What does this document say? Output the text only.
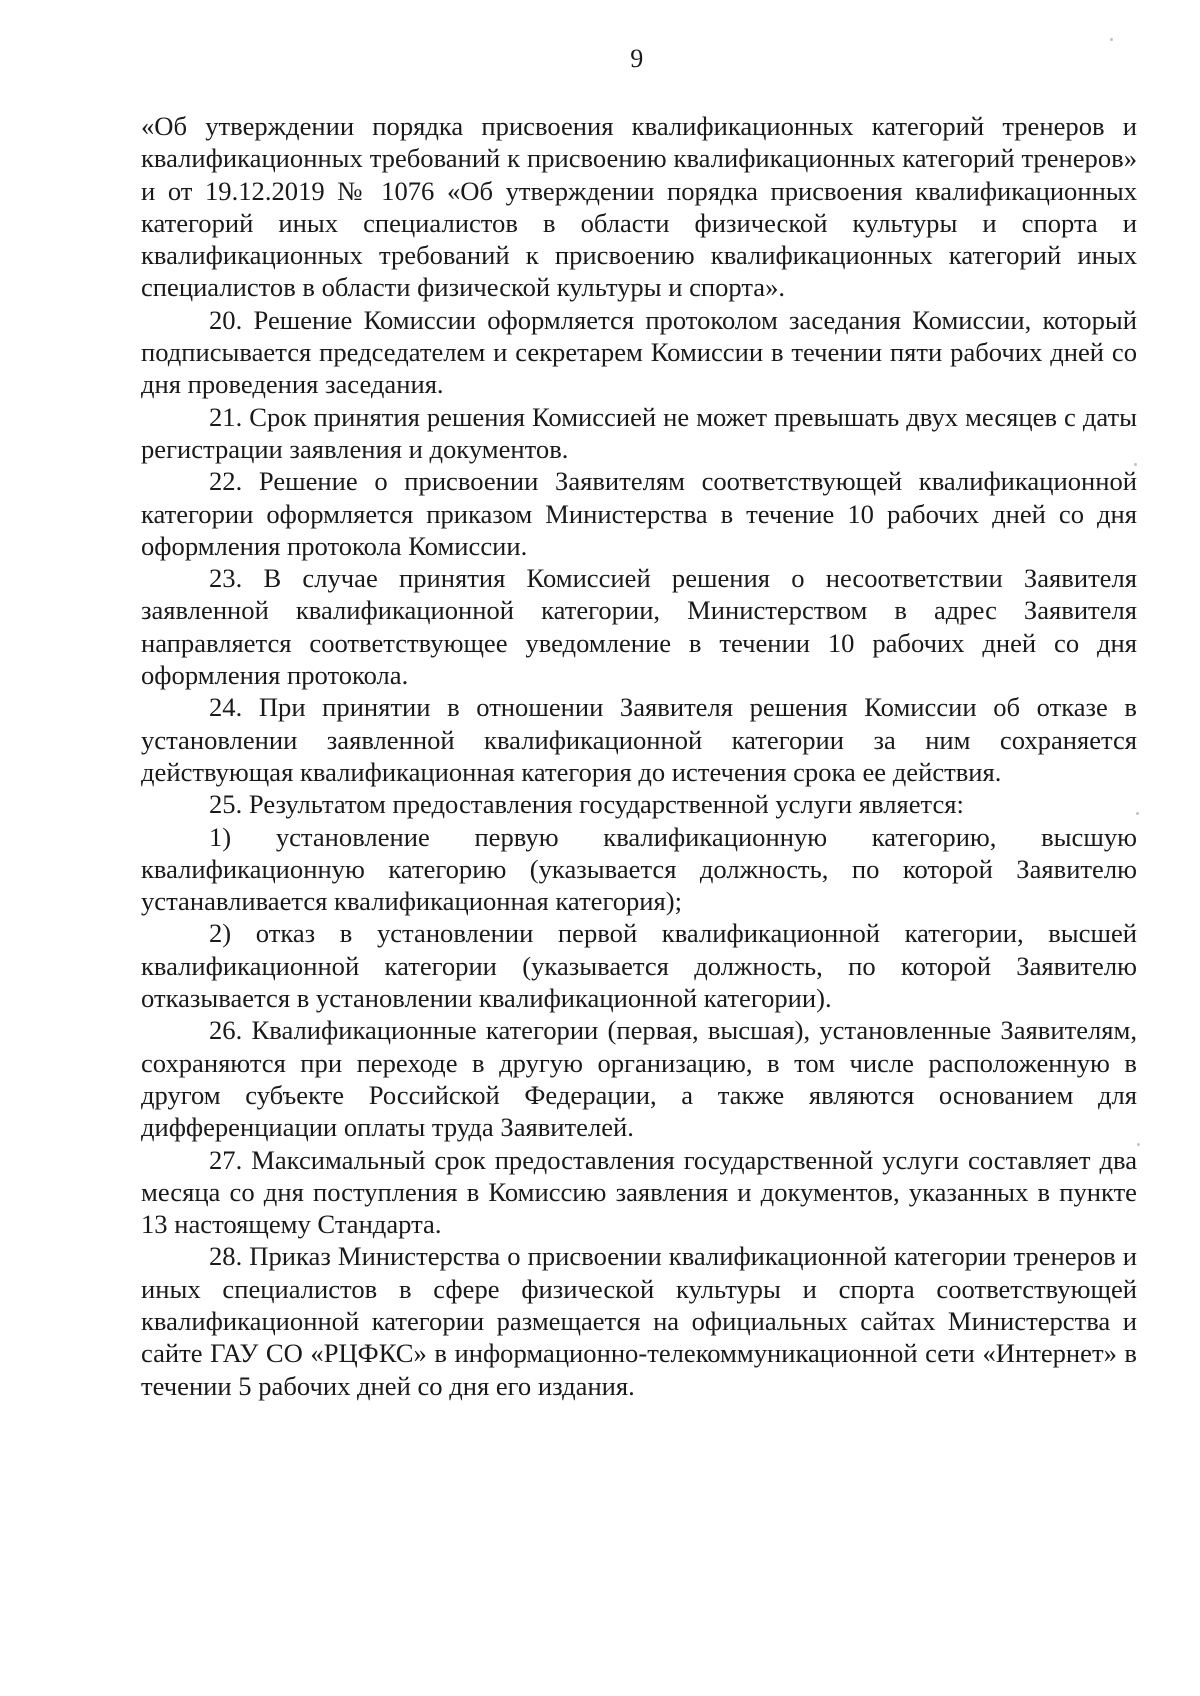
9

«Об утверждении порядка присвоения квалификационных категорий тренеров и квалификационных требований к присвоению квалификационных категорий тренеров» и от 19.12.2019 № 1076 «Об утверждении порядка присвоения квалификационных категорий иных специалистов в области физической культуры и спорта и квалификационных требований к присвоению квалификационных категорий иных специалистов в области физической культуры и спорта».

20. Решение Комиссии оформляется протоколом заседания Комиссии, который подписывается председателем и секретарем Комиссии в течении пяти рабочих дней со дня проведения заседания.

21. Срок принятия решения Комиссией не может превышать двух месяцев с даты регистрации заявления и документов.

22. Решение о присвоении Заявителям соответствующей квалификационной категории оформляется приказом Министерства в течение 10 рабочих дней со дня оформления протокола Комиссии.

23. В случае принятия Комиссией решения о несоответствии Заявителя заявленной квалификационной категории, Министерством в адрес Заявителя направляется соответствующее уведомление в течении 10 рабочих дней со дня оформления протокола.

24. При принятии в отношении Заявителя решения Комиссии об отказе в установлении заявленной квалификационной категории за ним сохраняется действующая квалификационная категория до истечения срока ее действия.

25. Результатом предоставления государственной услуги является:

1) установление первую квалификационную категорию, высшую квалификационную категорию (указывается должность, по которой Заявителю устанавливается квалификационная категория);

2) отказ в установлении первой квалификационной категории, высшей квалификационной категории (указывается должность, по которой Заявителю отказывается в установлении квалификационной категории).

26. Квалификационные категории (первая, высшая), установленные Заявителям, сохраняются при переходе в другую организацию, в том числе расположенную в другом субъекте Российской Федерации, а также являются основанием для дифференциации оплаты труда Заявителей.

27. Максимальный срок предоставления государственной услуги составляет два месяца со дня поступления в Комиссию заявления и документов, указанных в пункте 13 настоящему Стандарта.

28. Приказ Министерства о присвоении квалификационной категории тренеров и иных специалистов в сфере физической культуры и спорта соответствующей квалификационной категории размещается на официальных сайтах Министерства и сайте ГАУ СО «РЦФКС» в информационно-телекоммуникационной сети «Интернет» в течении 5 рабочих дней со дня его издания.
